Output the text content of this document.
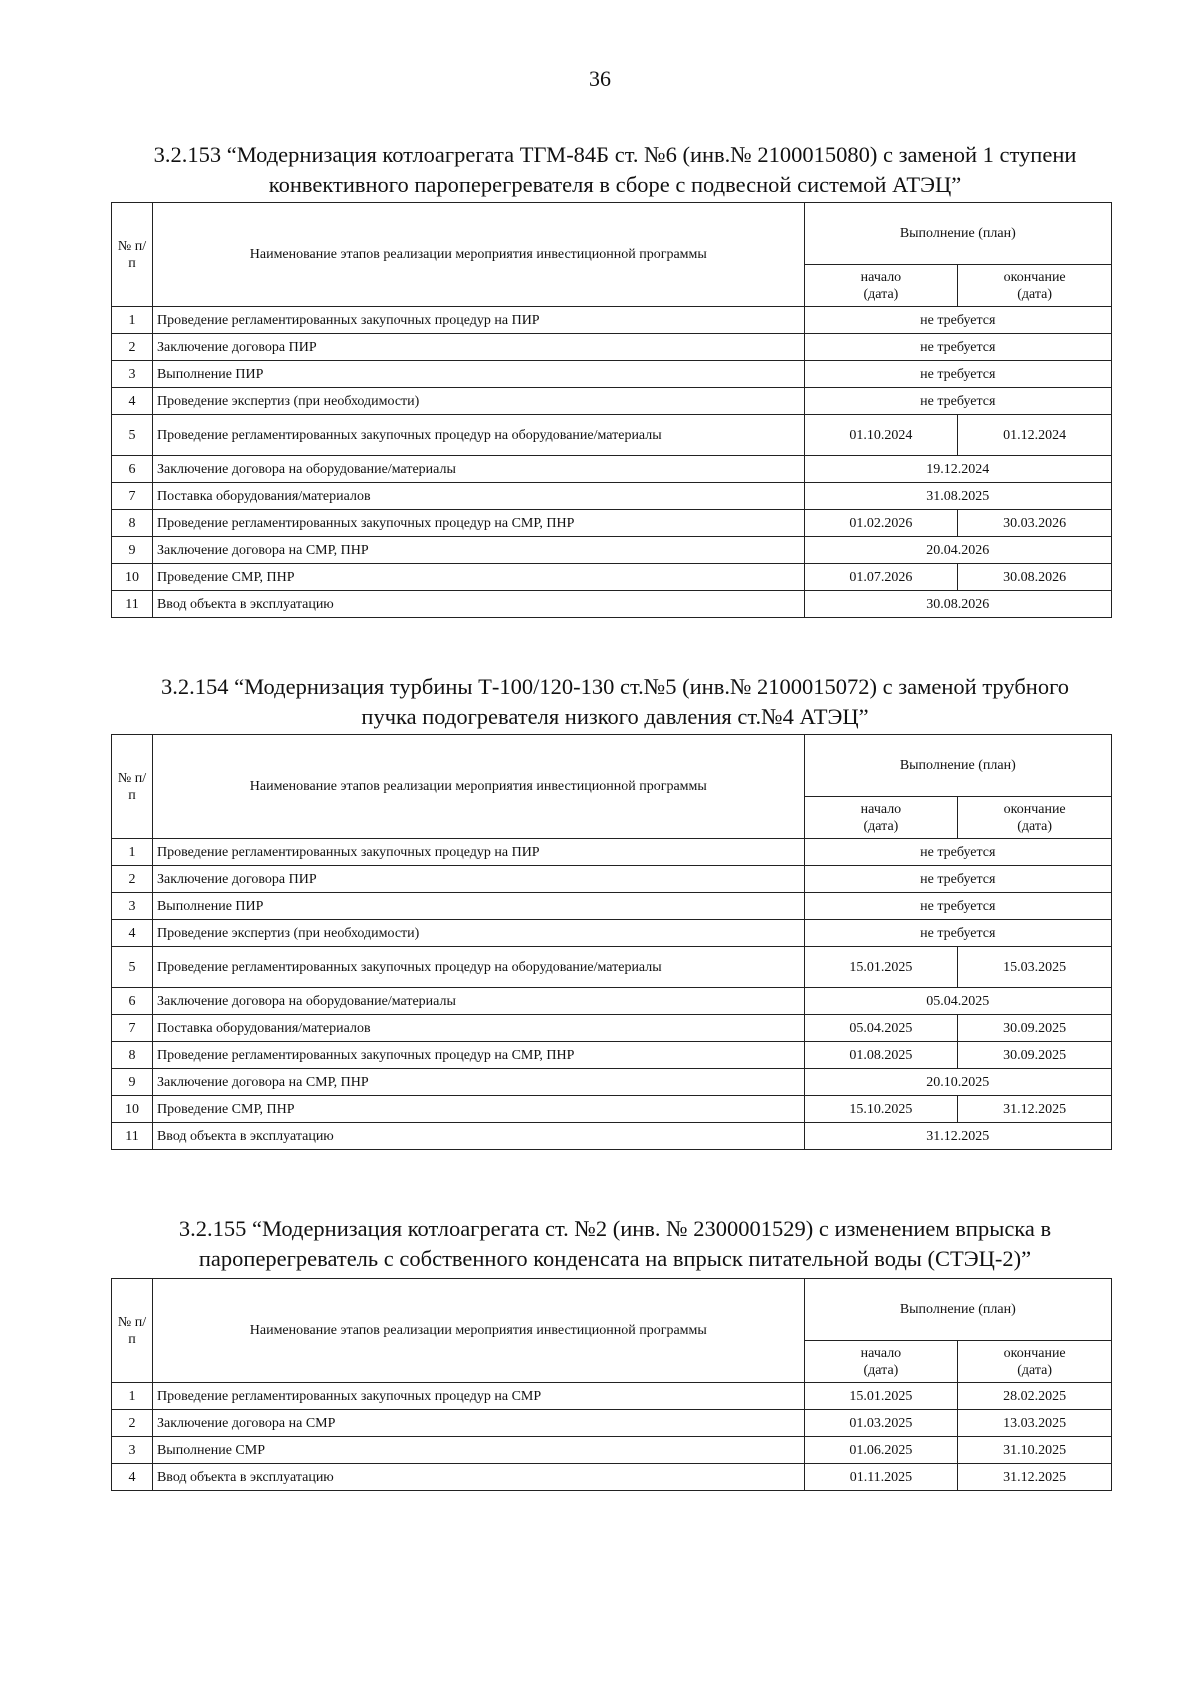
36
3.2.153 “Модернизация котлоагрегата ТГМ-84Б ст. №6 (инв.№ 2100015080) с заменой 1 ступени
конвективного пароперегревателя в сборе с подвесной системой АТЭЦ”
№ п/п	Наименование этапов реализации мероприятия инвестиционной программы	Выполнение (план)	
		начало
(дата)	окончание
(дата)
1	Проведение регламентированных закупочных процедур на ПИР	не требуется	
2	Заключение договора ПИР	не требуется	
3	Выполнение ПИР	не требуется	
4	Проведение экспертиз (при необходимости)	не требуется	
5	Проведение регламентированных закупочных процедур на оборудование/материалы	01.10.2024	01.12.2024
6	Заключение договора на оборудование/материалы	19.12.2024	
7	Поставка оборудования/материалов	31.08.2025	
8	Проведение регламентированных закупочных процедур на СМР, ПНР	01.02.2026	30.03.2026
9	Заключение договора на СМР, ПНР	20.04.2026	
10	Проведение СМР, ПНР	01.07.2026	30.08.2026
11	Ввод объекта в эксплуатацию	30.08.2026	
3.2.154 “Модернизация турбины Т-100/120-130 ст.№5 (инв.№ 2100015072) с заменой трубного
пучка подогревателя низкого давления ст.№4 АТЭЦ”
№ п/п	Наименование этапов реализации мероприятия инвестиционной программы	Выполнение (план)	
		начало
(дата)	окончание
(дата)
1	Проведение регламентированных закупочных процедур на ПИР	не требуется	
2	Заключение договора ПИР	не требуется	
3	Выполнение ПИР	не требуется	
4	Проведение экспертиз (при необходимости)	не требуется	
5	Проведение регламентированных закупочных процедур на оборудование/материалы	15.01.2025	15.03.2025
6	Заключение договора на оборудование/материалы	05.04.2025	
7	Поставка оборудования/материалов	05.04.2025	30.09.2025
8	Проведение регламентированных закупочных процедур на СМР, ПНР	01.08.2025	30.09.2025
9	Заключение договора на СМР, ПНР	20.10.2025	
10	Проведение СМР, ПНР	15.10.2025	31.12.2025
11	Ввод объекта в эксплуатацию	31.12.2025	
3.2.155 “Модернизация котлоагрегата ст. №2 (инв. № 2300001529) с изменением впрыска в
пароперегреватель с собственного конденсата на впрыск питательной воды (СТЭЦ-2)”
№ п/п	Наименование этапов реализации мероприятия инвестиционной программы	Выполнение (план)	
		начало
(дата)	окончание
(дата)
1	Проведение регламентированных закупочных процедур на СМР	15.01.2025	28.02.2025
2	Заключение договора на СМР	01.03.2025	13.03.2025
3	Выполнение СМР	01.06.2025	31.10.2025
4	Ввод объекта в эксплуатацию	01.11.2025	31.12.2025
